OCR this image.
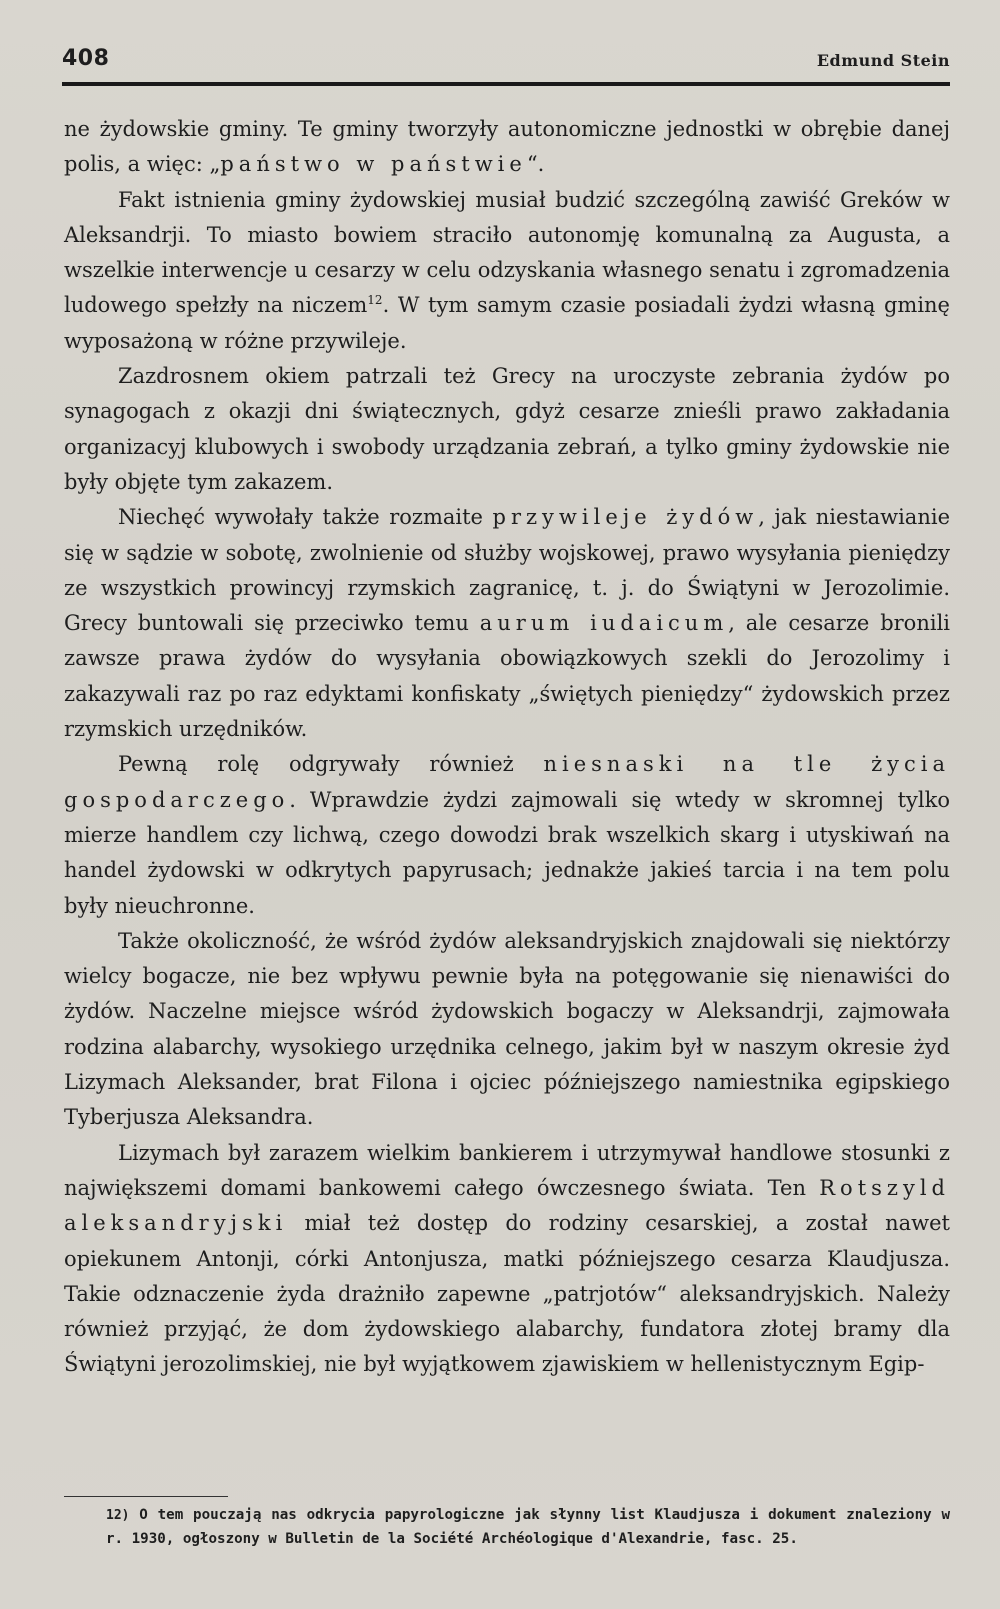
408	Edmund Stein

ne żydowskie gminy. Te gminy tworzyły autonomiczne jednostki w obrębie danej polis, a więc: „państwo w państwie“.

Fakt istnienia gminy żydowskiej musiał budzić szczególną zawiść Greków w Aleksandrji. To miasto bowiem straciło autonomję komunalną za Augusta, a wszelkie interwencje u cesarzy w celu odzyskania własnego senatu i zgromadzenia ludowego spełzły na niczem$^{12}$. W tym samym czasie posiadali żydzi własną gminę wyposażoną w różne przywileje.

Zazdrosnem okiem patrzali też Grecy na uroczyste zebrania żydów po synagogach z okazji dni świątecznych, gdyż cesarze znieśli prawo zakładania organizacyj klubowych i swobody urządzania zebrań, a tylko gminy żydowskie nie były objęte tym zakazem.

Niechęć wywołały także rozmaite przywileje żydów, jak niestawianie się w sądzie w sobotę, zwolnienie od służby wojskowej, prawo wysyłania pieniędzy ze wszystkich prowincyj rzymskich zagranicę, t. j. do Świątyni w Jerozolimie. Grecy buntowali się przeciwko temu aurum iudaicum, ale cesarze bronili zawsze prawa żydów do wysyłania obowiązkowych szekli do Jerozolimy i zakazywali raz po raz edyktami konfiskaty „świętych pieniędzy“ żydowskich przez rzymskich urzędników.

Pewną rolę odgrywały również niesnaski na tle życia gospodarczego. Wprawdzie żydzi zajmowali się wtedy w skromnej tylko mierze handlem czy lichwą, czego dowodzi brak wszelkich skarg i utyskiwań na handel żydowski w odkrytych papyrusach; jednakże jakieś tarcia i na tem polu były nieuchronne.

Także okoliczność, że wśród żydów aleksandryjskich znajdowali się niektórzy wielcy bogacze, nie bez wpływu pewnie była na potęgowanie się nienawiści do żydów. Naczelne miejsce wśród żydowskich bogaczy w Aleksandrji, zajmowała rodzina alabarchy, wysokiego urzędnika celnego, jakim był w naszym okresie żyd Lizymach Aleksander, brat Filona i ojciec późniejszego namiestnika egipskiego Tyberjusza Aleksandra.

Lizymach był zarazem wielkim bankierem i utrzymywał handlowe stosunki z największemi domami bankowemi całego ówczesnego świata. Ten Rotszyld aleksandryjski miał też dostęp do rodziny cesarskiej, a został nawet opiekunem Antonji, córki Antonjusza, matki późniejszego cesarza Klaudjusza. Takie odznaczenie żyda drażniło zapewne „patrjotów“ aleksandryjskich. Należy również przyjąć, że dom żydowskiego alabarchy, fundatora złotej bramy dla Świątyni jerozolimskiej, nie był wyjątkowem zjawiskiem w hellenistycznym Egip-

12) O tem pouczają nas odkrycia papyrologiczne jak słynny list Klaudjusza i dokument znaleziony w r. 1930, ogłoszony w Bulletin de la Société Archéologique d'Alexandrie, fasc. 25.
